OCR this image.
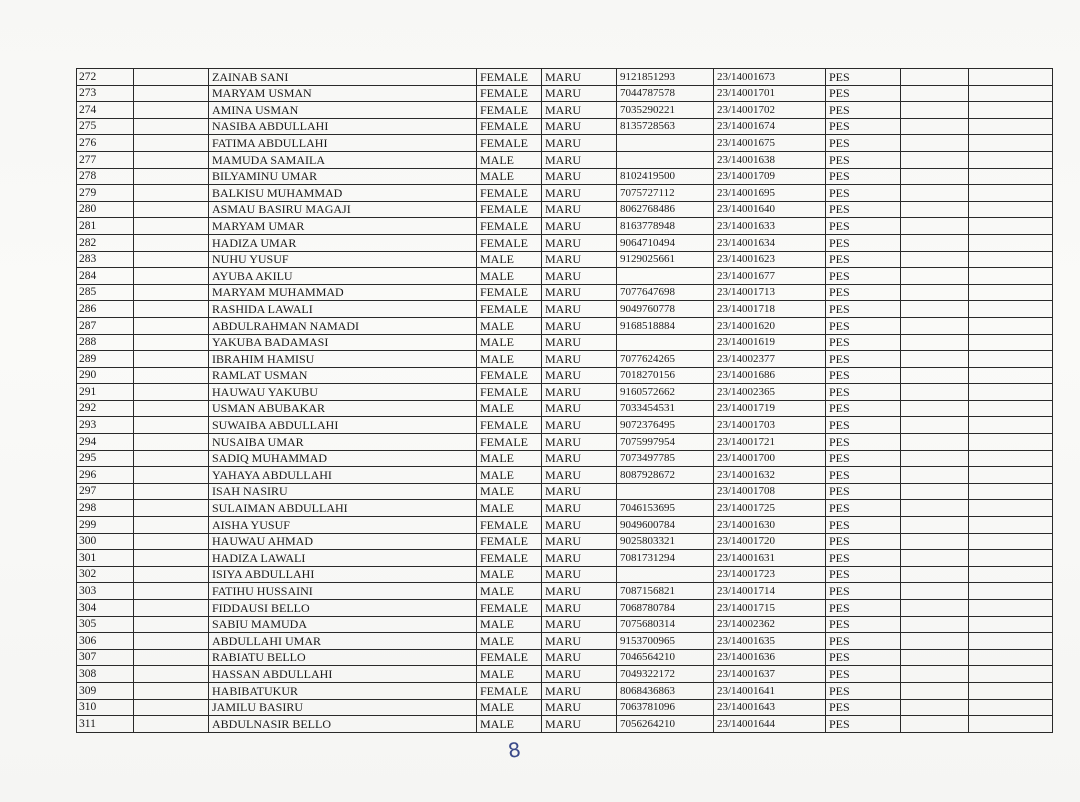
272		ZAINAB SANI	FEMALE	MARU	9121851293	23/14001673	PES		
273		MARYAM USMAN	FEMALE	MARU	7044787578	23/14001701	PES		
274		AMINA USMAN	FEMALE	MARU	7035290221	23/14001702	PES		
275		NASIBA ABDULLAHI	FEMALE	MARU	8135728563	23/14001674	PES		
276		FATIMA ABDULLAHI	FEMALE	MARU		23/14001675	PES		
277		MAMUDA SAMAILA	MALE	MARU		23/14001638	PES		
278		BILYAMINU UMAR	MALE	MARU	8102419500	23/14001709	PES		
279		BALKISU MUHAMMAD	FEMALE	MARU	7075727112	23/14001695	PES		
280		ASMAU BASIRU MAGAJI	FEMALE	MARU	8062768486	23/14001640	PES		
281		MARYAM UMAR	FEMALE	MARU	8163778948	23/14001633	PES		
282		HADIZA UMAR	FEMALE	MARU	9064710494	23/14001634	PES		
283		NUHU YUSUF	MALE	MARU	9129025661	23/14001623	PES		
284		AYUBA AKILU	MALE	MARU		23/14001677	PES		
285		MARYAM MUHAMMAD	FEMALE	MARU	7077647698	23/14001713	PES		
286		RASHIDA LAWALI	FEMALE	MARU	9049760778	23/14001718	PES		
287		ABDULRAHMAN NAMADI	MALE	MARU	9168518884	23/14001620	PES		
288		YAKUBA BADAMASI	MALE	MARU		23/14001619	PES		
289		IBRAHIM HAMISU	MALE	MARU	7077624265	23/14002377	PES		
290		RAMLAT USMAN	FEMALE	MARU	7018270156	23/14001686	PES		
291		HAUWAU YAKUBU	FEMALE	MARU	9160572662	23/14002365	PES		
292		USMAN ABUBAKAR	MALE	MARU	7033454531	23/14001719	PES		
293		SUWAIBA ABDULLAHI	FEMALE	MARU	9072376495	23/14001703	PES		
294		NUSAIBA UMAR	FEMALE	MARU	7075997954	23/14001721	PES		
295		SADIQ MUHAMMAD	MALE	MARU	7073497785	23/14001700	PES		
296		YAHAYA ABDULLAHI	MALE	MARU	8087928672	23/14001632	PES		
297		ISAH NASIRU	MALE	MARU		23/14001708	PES		
298		SULAIMAN ABDULLAHI	MALE	MARU	7046153695	23/14001725	PES		
299		AISHA YUSUF	FEMALE	MARU	9049600784	23/14001630	PES		
300		HAUWAU AHMAD	FEMALE	MARU	9025803321	23/14001720	PES		
301		HADIZA LAWALI	FEMALE	MARU	7081731294	23/14001631	PES		
302		ISIYA ABDULLAHI	MALE	MARU		23/14001723	PES		
303		FATIHU HUSSAINI	MALE	MARU	7087156821	23/14001714	PES		
304		FIDDAUSI BELLO	FEMALE	MARU	7068780784	23/14001715	PES		
305		SABIU MAMUDA	MALE	MARU	7075680314	23/14002362	PES		
306		ABDULLAHI UMAR	MALE	MARU	9153700965	23/14001635	PES		
307		RABIATU BELLO	FEMALE	MARU	7046564210	23/14001636	PES		
308		HASSAN ABDULLAHI	MALE	MARU	7049322172	23/14001637	PES		
309		HABIBATUKUR	FEMALE	MARU	8068436863	23/14001641	PES		
310		JAMILU BASIRU	MALE	MARU	7063781096	23/14001643	PES		
311		ABDULNASIR BELLO	MALE	MARU	7056264210	23/14001644	PES		
8
